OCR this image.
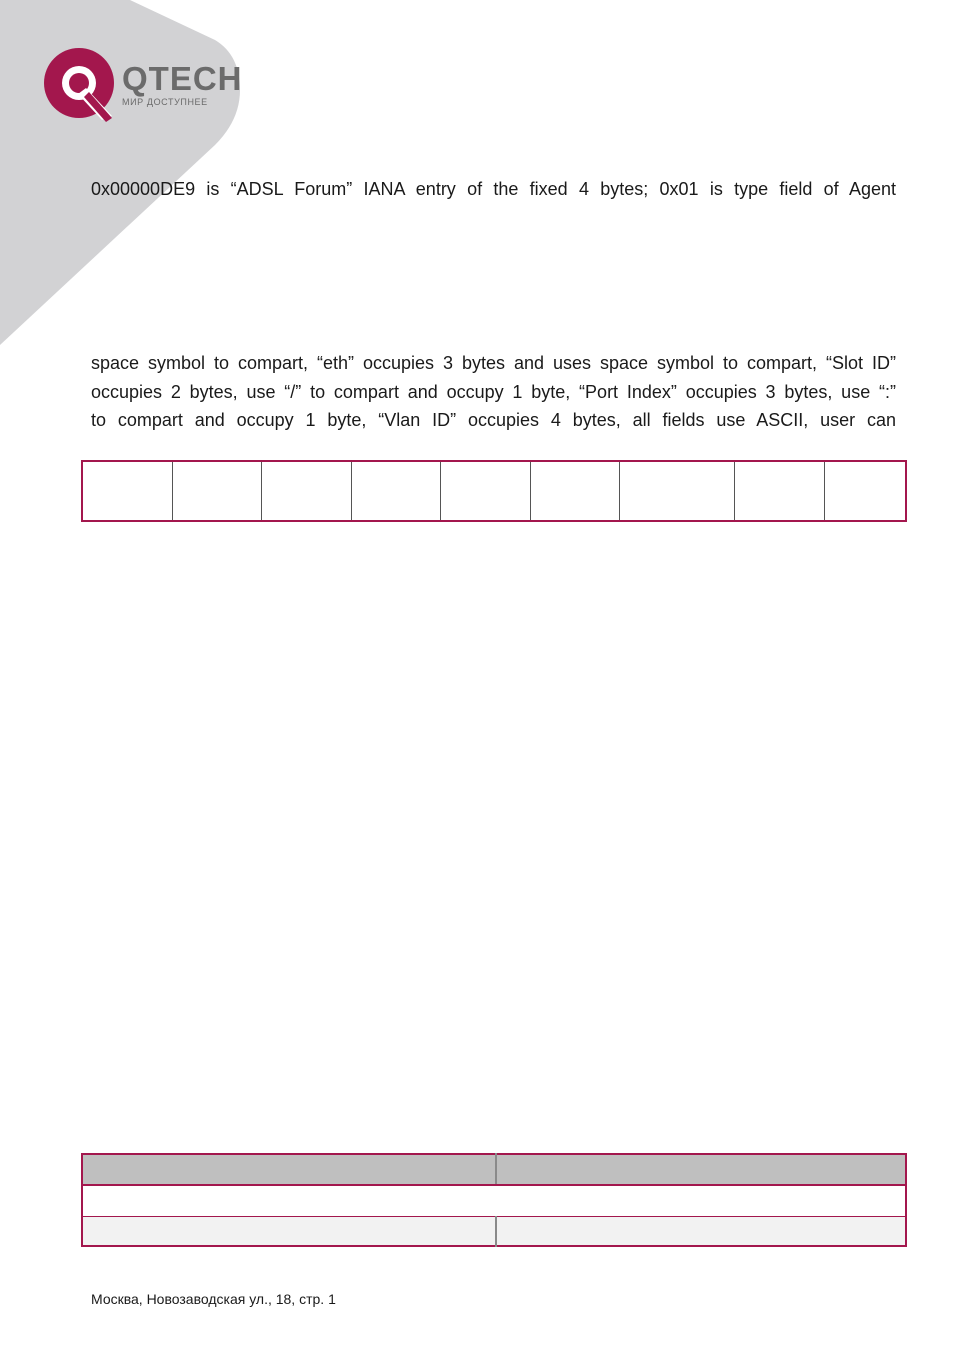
QTECH
МИР ДОСТУПНЕЕ
0x00000DE9 is “ADSL Forum” IANA entry of the fixed 4 bytes; 0x01 is type field of Agent
space symbol to compart, “eth” occupies 3 bytes and uses space symbol to compart, “Slot ID”
occupies 2 bytes, use “/” to compart and occupy 1 byte, “Port Index” occupies 3 bytes, use “:”
to compart and occupy 1 byte, “Vlan ID” occupies 4 bytes, all fields use ASCII, user can

Москва, Новозаводская ул., 18, стр. 1
